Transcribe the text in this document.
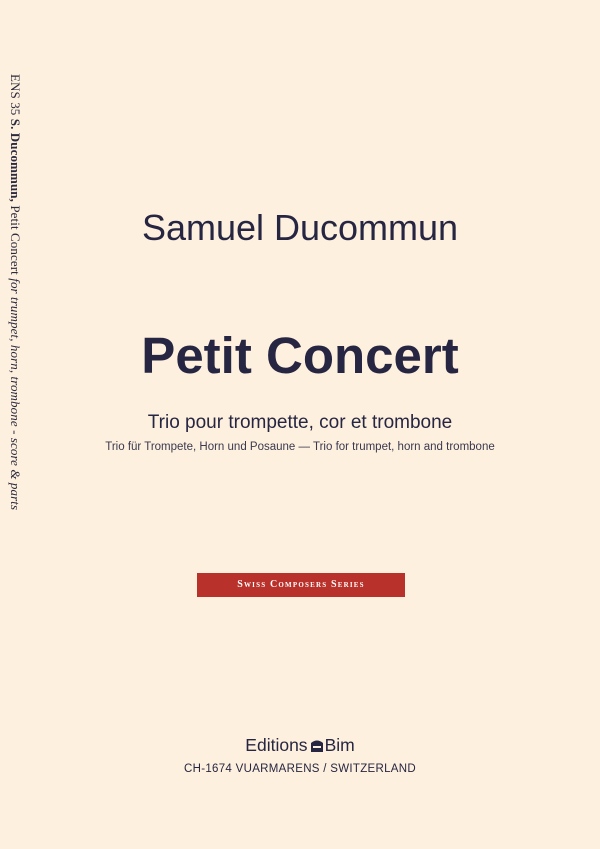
ENS 35 S. Ducommun, Petit Concert for trumpet, horn, trombone - score & parts
Samuel Ducommun
Petit Concert
Trio pour trompette, cor et trombone
Trio für Trompete, Horn und Posaune — Trio for trumpet, horn and trombone
Swiss Composers Series
Editions Bim
CH-1674 VUARMARENS / SWITZERLAND
